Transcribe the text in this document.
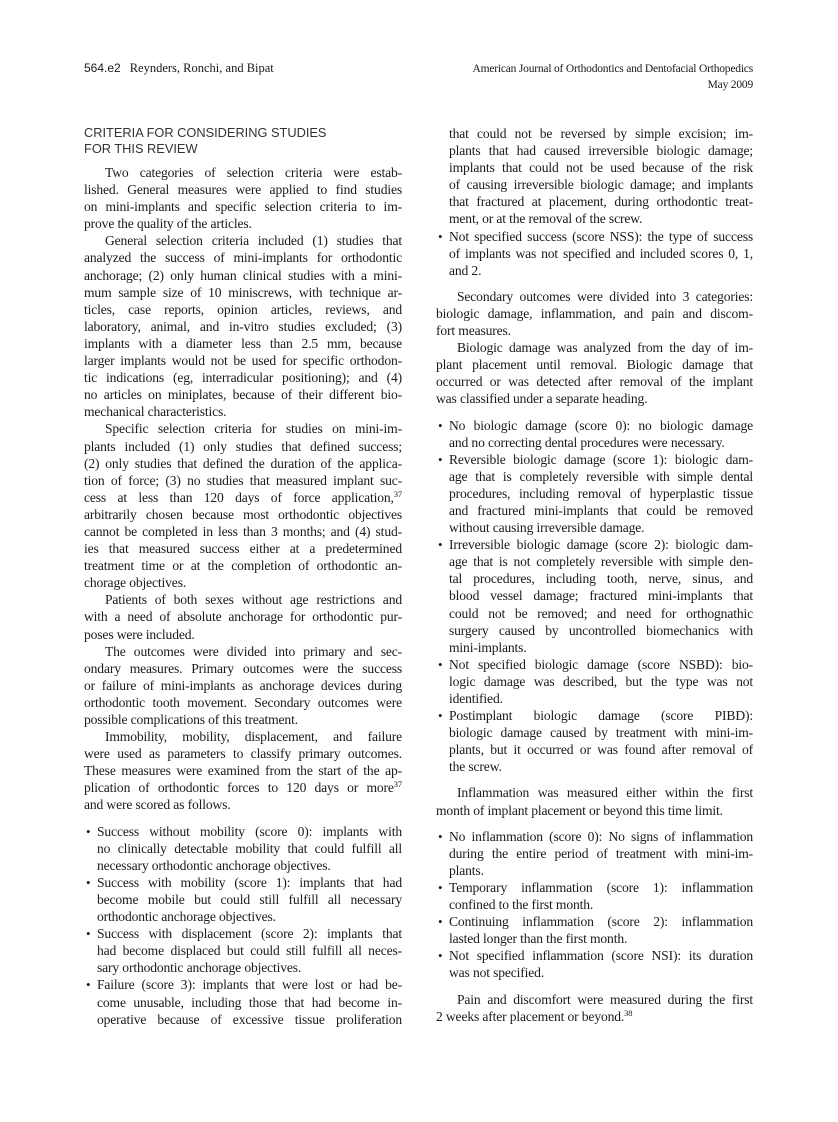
564.e2 Reynders, Ronchi, and Bipat	American Journal of Orthodontics and Dentofacial Orthopedics
May 2009
CRITERIA FOR CONSIDERING STUDIES
FOR THIS REVIEW
Two categories of selection criteria were estab-
lished. General measures were applied to find studies
on mini-implants and specific selection criteria to im-
prove the quality of the articles.
General selection criteria included (1) studies that
analyzed the success of mini-implants for orthodontic
anchorage; (2) only human clinical studies with a mini-
mum sample size of 10 miniscrews, with technique ar-
ticles, case reports, opinion articles, reviews, and
laboratory, animal, and in-vitro studies excluded; (3)
implants with a diameter less than 2.5 mm, because
larger implants would not be used for specific orthodon-
tic indications (eg, interradicular positioning); and (4)
no articles on miniplates, because of their different bio-
mechanical characteristics.
Specific selection criteria for studies on mini-im-
plants included (1) only studies that defined success;
(2) only studies that defined the duration of the applica-
tion of force; (3) no studies that measured implant suc-
cess at less than 120 days of force application,$^{37}$
arbitrarily chosen because most orthodontic objectives
cannot be completed in less than 3 months; and (4) stud-
ies that measured success either at a predetermined
treatment time or at the completion of orthodontic an-
chorage objectives.
Patients of both sexes without age restrictions and
with a need of absolute anchorage for orthodontic pur-
poses were included.
The outcomes were divided into primary and sec-
ondary measures. Primary outcomes were the success
or failure of mini-implants as anchorage devices during
orthodontic tooth movement. Secondary outcomes were
possible complications of this treatment.
Immobility, mobility, displacement, and failure
were used as parameters to classify primary outcomes.
These measures were examined from the start of the ap-
plication of orthodontic forces to 120 days or more$^{37}$
and were scored as follows.
• Success without mobility (score 0): implants with
no clinically detectable mobility that could fulfill all
necessary orthodontic anchorage objectives.
• Success with mobility (score 1): implants that had
become mobile but could still fulfill all necessary
orthodontic anchorage objectives.
• Success with displacement (score 2): implants that
had become displaced but could still fulfill all neces-
sary orthodontic anchorage objectives.
• Failure (score 3): implants that were lost or had be-
come unusable, including those that had become in-
operative because of excessive tissue proliferation
that could not be reversed by simple excision; im-
plants that had caused irreversible biologic damage;
implants that could not be used because of the risk
of causing irreversible biologic damage; and implants
that fractured at placement, during orthodontic treat-
ment, or at the removal of the screw.
• Not specified success (score NSS): the type of success
of implants was not specified and included scores 0, 1,
and 2.
Secondary outcomes were divided into 3 categories:
biologic damage, inflammation, and pain and discom-
fort measures.
Biologic damage was analyzed from the day of im-
plant placement until removal. Biologic damage that
occurred or was detected after removal of the implant
was classified under a separate heading.
• No biologic damage (score 0): no biologic damage
and no correcting dental procedures were necessary.
• Reversible biologic damage (score 1): biologic dam-
age that is completely reversible with simple dental
procedures, including removal of hyperplastic tissue
and fractured mini-implants that could be removed
without causing irreversible damage.
• Irreversible biologic damage (score 2): biologic dam-
age that is not completely reversible with simple den-
tal procedures, including tooth, nerve, sinus, and
blood vessel damage; fractured mini-implants that
could not be removed; and need for orthognathic
surgery caused by uncontrolled biomechanics with
mini-implants.
• Not specified biologic damage (score NSBD): bio-
logic damage was described, but the type was not
identified.
• Postimplant biologic damage (score PIBD):
biologic damage caused by treatment with mini-im-
plants, but it occurred or was found after removal of
the screw.
Inflammation was measured either within the first
month of implant placement or beyond this time limit.
• No inflammation (score 0): No signs of inflammation
during the entire period of treatment with mini-im-
plants.
• Temporary inflammation (score 1): inflammation
confined to the first month.
• Continuing inflammation (score 2): inflammation
lasted longer than the first month.
• Not specified inflammation (score NSI): its duration
was not specified.
Pain and discomfort were measured during the first
2 weeks after placement or beyond.$^{38}$
